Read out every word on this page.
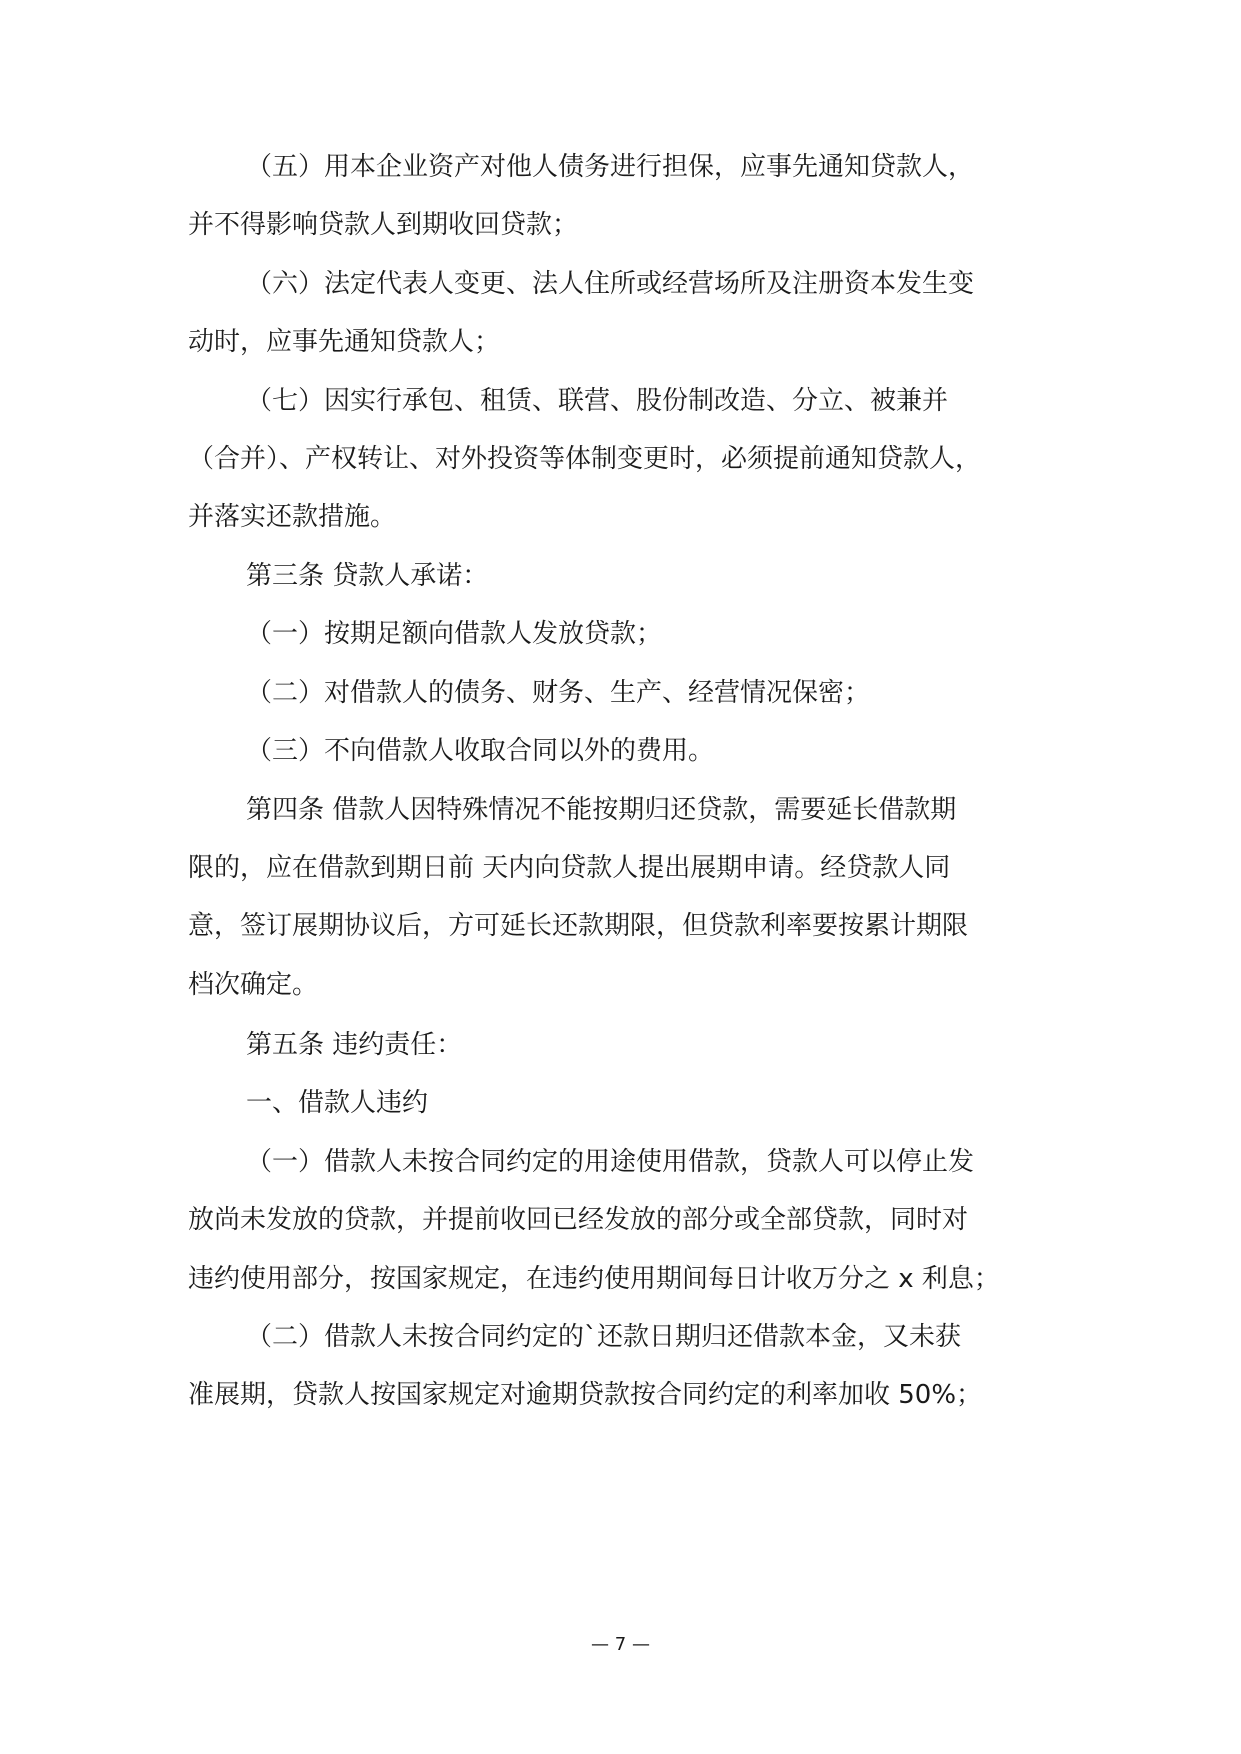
（五）用本企业资产对他人债务进行担保，应事先通知贷款人，
并不得影响贷款人到期收回贷款；
（六）法定代表人变更、法人住所或经营场所及注册资本发生变
动时，应事先通知贷款人；
（七）因实行承包、租赁、联营、股份制改造、分立、被兼并
（合并）、产权转让、对外投资等体制变更时，必须提前通知贷款人，
并落实还款措施。
第三条 贷款人承诺：
（一）按期足额向借款人发放贷款；
（二）对借款人的债务、财务、生产、经营情况保密；
（三）不向借款人收取合同以外的费用。
第四条 借款人因特殊情况不能按期归还贷款，需要延长借款期
限的，应在借款到期日前 天内向贷款人提出展期申请。经贷款人同
意，签订展期协议后，方可延长还款期限，但贷款利率要按累计期限
档次确定。
第五条 违约责任：
一、借款人违约
（一）借款人未按合同约定的用途使用借款，贷款人可以停止发
放尚未发放的贷款，并提前收回已经发放的部分或全部贷款，同时对
违约使用部分，按国家规定，在违约使用期间每日计收万分之 x 利息；
（二）借款人未按合同约定的`还款日期归还借款本金，又未获
准展期，贷款人按国家规定对逾期贷款按合同约定的利率加收 50%；
— 7 —
